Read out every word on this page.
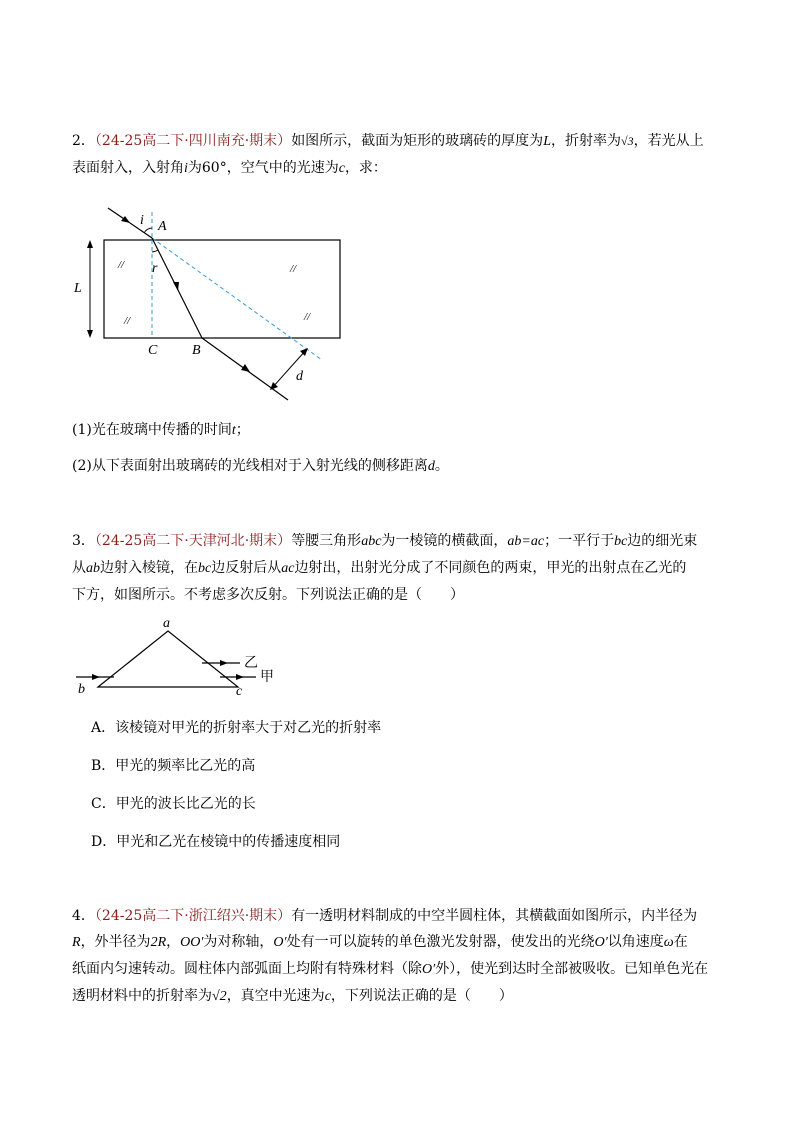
2．（24-25高二下·四川南充·期末）如图所示，截面为矩形的玻璃砖的厚度为L，折射率为√3，若光从上
表面射入，入射角i为60°，空气中的光速为c，求：
L
d
i A
r
C B
//
//
//
//
(1)光在玻璃中传播的时间t；
(2)从下表面射出玻璃砖的光线相对于入射光线的侧移距离d。
3．（24-25高二下·天津河北·期末）等腰三角形abc为一棱镜的横截面，ab=ac；一平行于bc边的细光束
从ab边射入棱镜，在bc边反射后从ac边射出，出射光分成了不同颜色的两束，甲光的出射点在乙光的
下方，如图所示。不考虑多次反射。下列说法正确的是（　　）
a
b	c
乙
甲
A．该棱镜对甲光的折射率大于对乙光的折射率
B．甲光的频率比乙光的高
C．甲光的波长比乙光的长
D．甲光和乙光在棱镜中的传播速度相同
4．（24-25高二下·浙江绍兴·期末）有一透明材料制成的中空半圆柱体，其横截面如图所示，内半径为
R，外半径为2R，OO′为对称轴，O′处有一可以旋转的单色激光发射器，使发出的光绕O′以角速度ω在
纸面内匀速转动。圆柱体内部弧面上均附有特殊材料（除O′外），使光到达时全部被吸收。已知单色光在
透明材料中的折射率为√2，真空中光速为c，下列说法正确的是（　　）
